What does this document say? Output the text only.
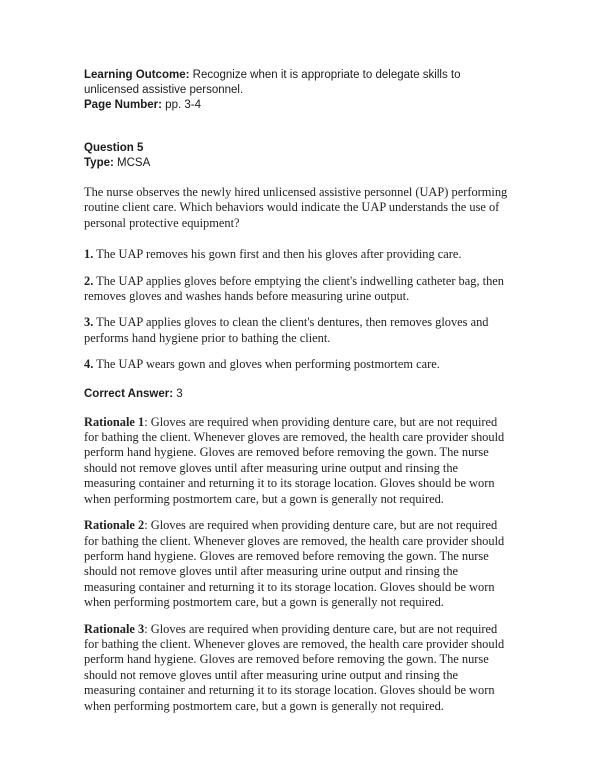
Learning Outcome: Recognize when it is appropriate to delegate skills to unlicensed assistive personnel.

Page Number: pp. 3-4

Question 5

Type: MCSA

The nurse observes the newly hired unlicensed assistive personnel (UAP) performing routine client care. Which behaviors would indicate the UAP understands the use of personal protective equipment?

1. The UAP removes his gown first and then his gloves after providing care.

2. The UAP applies gloves before emptying the client's indwelling catheter bag, then removes gloves and washes hands before measuring urine output.

3. The UAP applies gloves to clean the client's dentures, then removes gloves and performs hand hygiene prior to bathing the client.

4. The UAP wears gown and gloves when performing postmortem care.

Correct Answer: 3

Rationale 1: Gloves are required when providing denture care, but are not required for bathing the client. Whenever gloves are removed, the health care provider should perform hand hygiene. Gloves are removed before removing the gown. The nurse should not remove gloves until after measuring urine output and rinsing the measuring container and returning it to its storage location. Gloves should be worn when performing postmortem care, but a gown is generally not required.

Rationale 2: Gloves are required when providing denture care, but are not required for bathing the client. Whenever gloves are removed, the health care provider should perform hand hygiene. Gloves are removed before removing the gown. The nurse should not remove gloves until after measuring urine output and rinsing the measuring container and returning it to its storage location. Gloves should be worn when performing postmortem care, but a gown is generally not required.

Rationale 3: Gloves are required when providing denture care, but are not required for bathing the client. Whenever gloves are removed, the health care provider should perform hand hygiene. Gloves are removed before removing the gown. The nurse should not remove gloves until after measuring urine output and rinsing the measuring container and returning it to its storage location. Gloves should be worn when performing postmortem care, but a gown is generally not required.
